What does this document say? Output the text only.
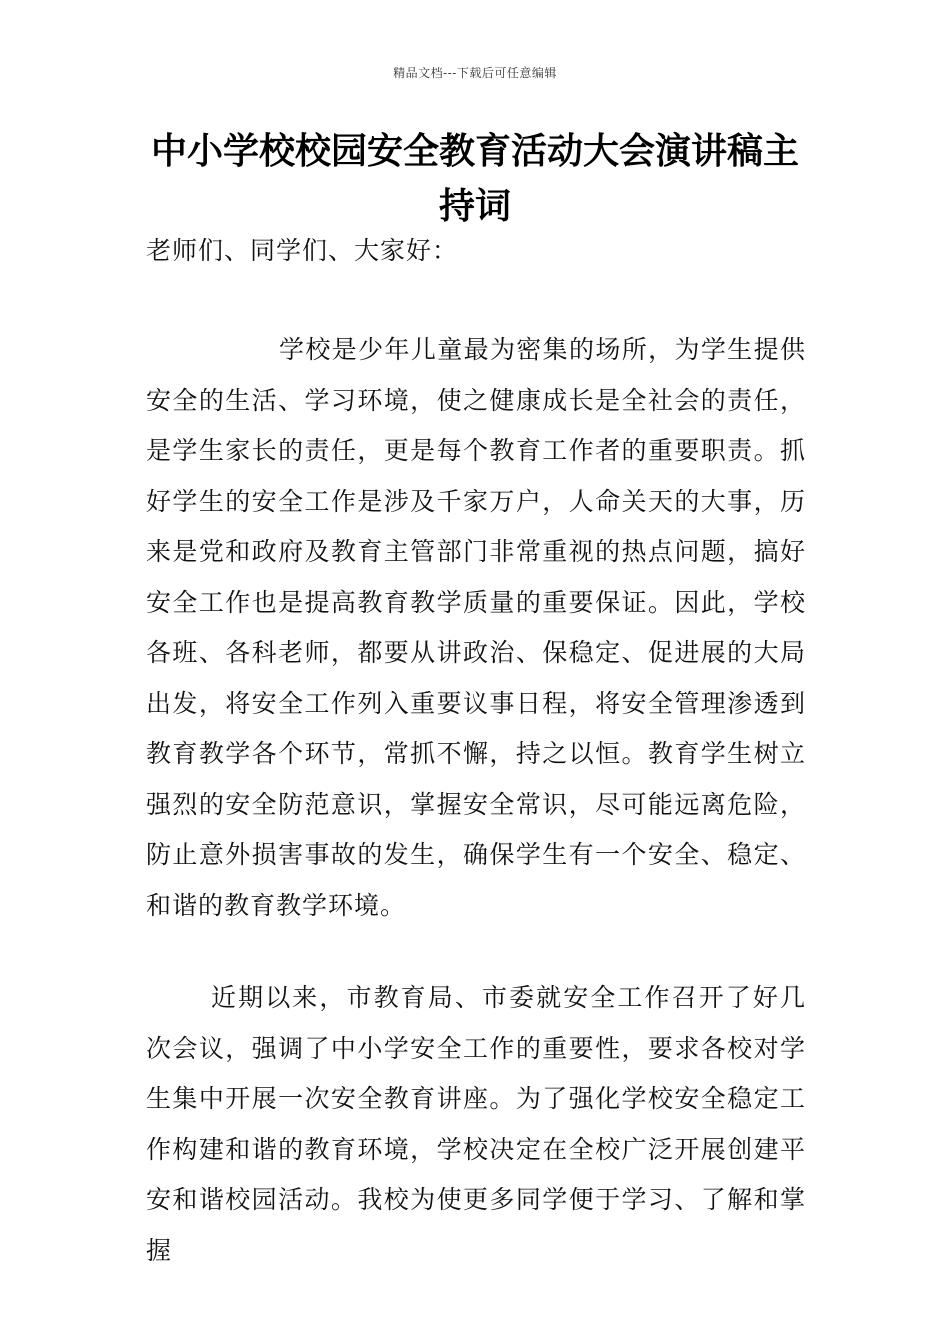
精品文档---下载后可任意编辑
中小学校校园安全教育活动大会演讲稿主持词

老师们、同学们、大家好：

学校是少年儿童最为密集的场所，为学生提供安全的生活、学习环境，使之健康成长是全社会的责任，是学生家长的责任，更是每个教育工作者的重要职责。抓好学生的安全工作是涉及千家万户，人命关天的大事，历来是党和政府及教育主管部门非常重视的热点问题，搞好安全工作也是提高教育教学质量的重要保证。因此，学校各班、各科老师，都要从讲政治、保稳定、促进展的大局出发，将安全工作列入重要议事日程，将安全管理渗透到教育教学各个环节，常抓不懈，持之以恒。教育学生树立强烈的安全防范意识，掌握安全常识，尽可能远离危险，防止意外损害事故的发生，确保学生有一个安全、稳定、和谐的教育教学环境。

近期以来，市教育局、市委就安全工作召开了好几次会议，强调了中小学安全工作的重要性，要求各校对学生集中开展一次安全教育讲座。为了强化学校安全稳定工作构建和谐的教育环境，学校决定在全校广泛开展创建平安和谐校园活动。我校为使更多同学便于学习、了解和掌握
